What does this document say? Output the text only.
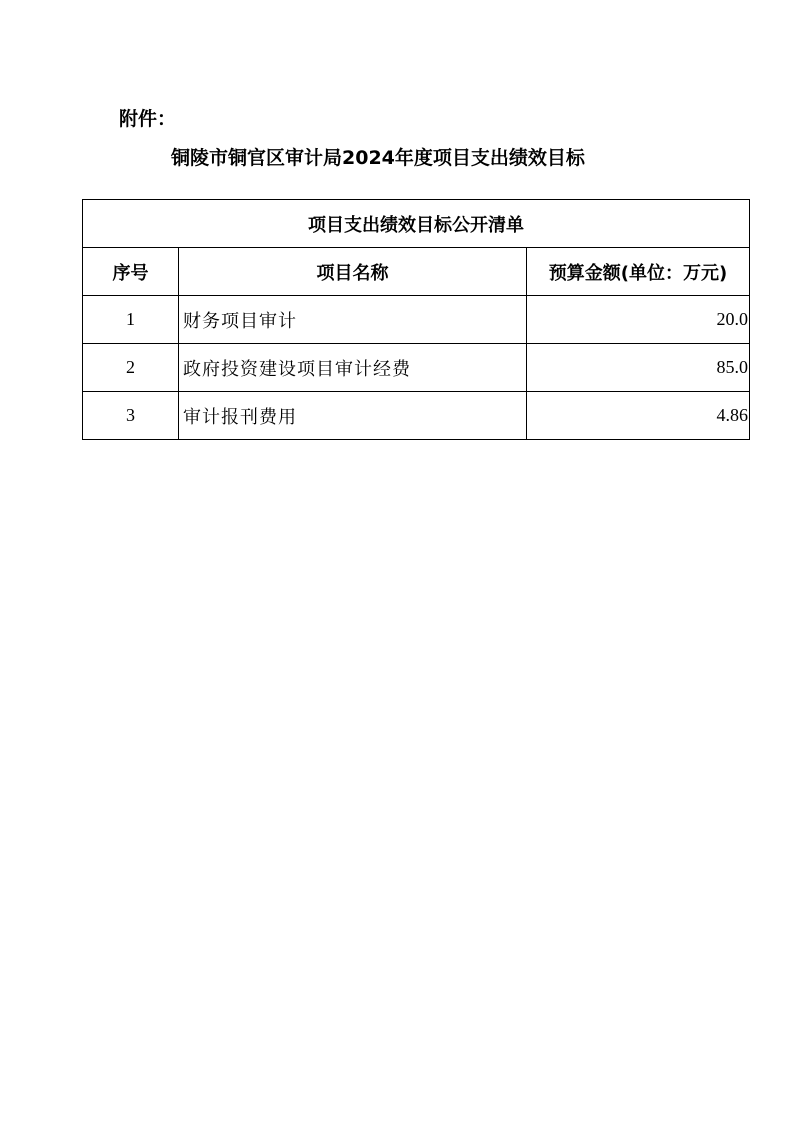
附件：
铜陵市铜官区审计局2024年度项目支出绩效目标
项目支出绩效目标公开清单		
序号	项目名称	预算金额(单位：万元)
1	财务项目审计	20.0
2	政府投资建设项目审计经费	85.0
3	审计报刊费用	4.86
